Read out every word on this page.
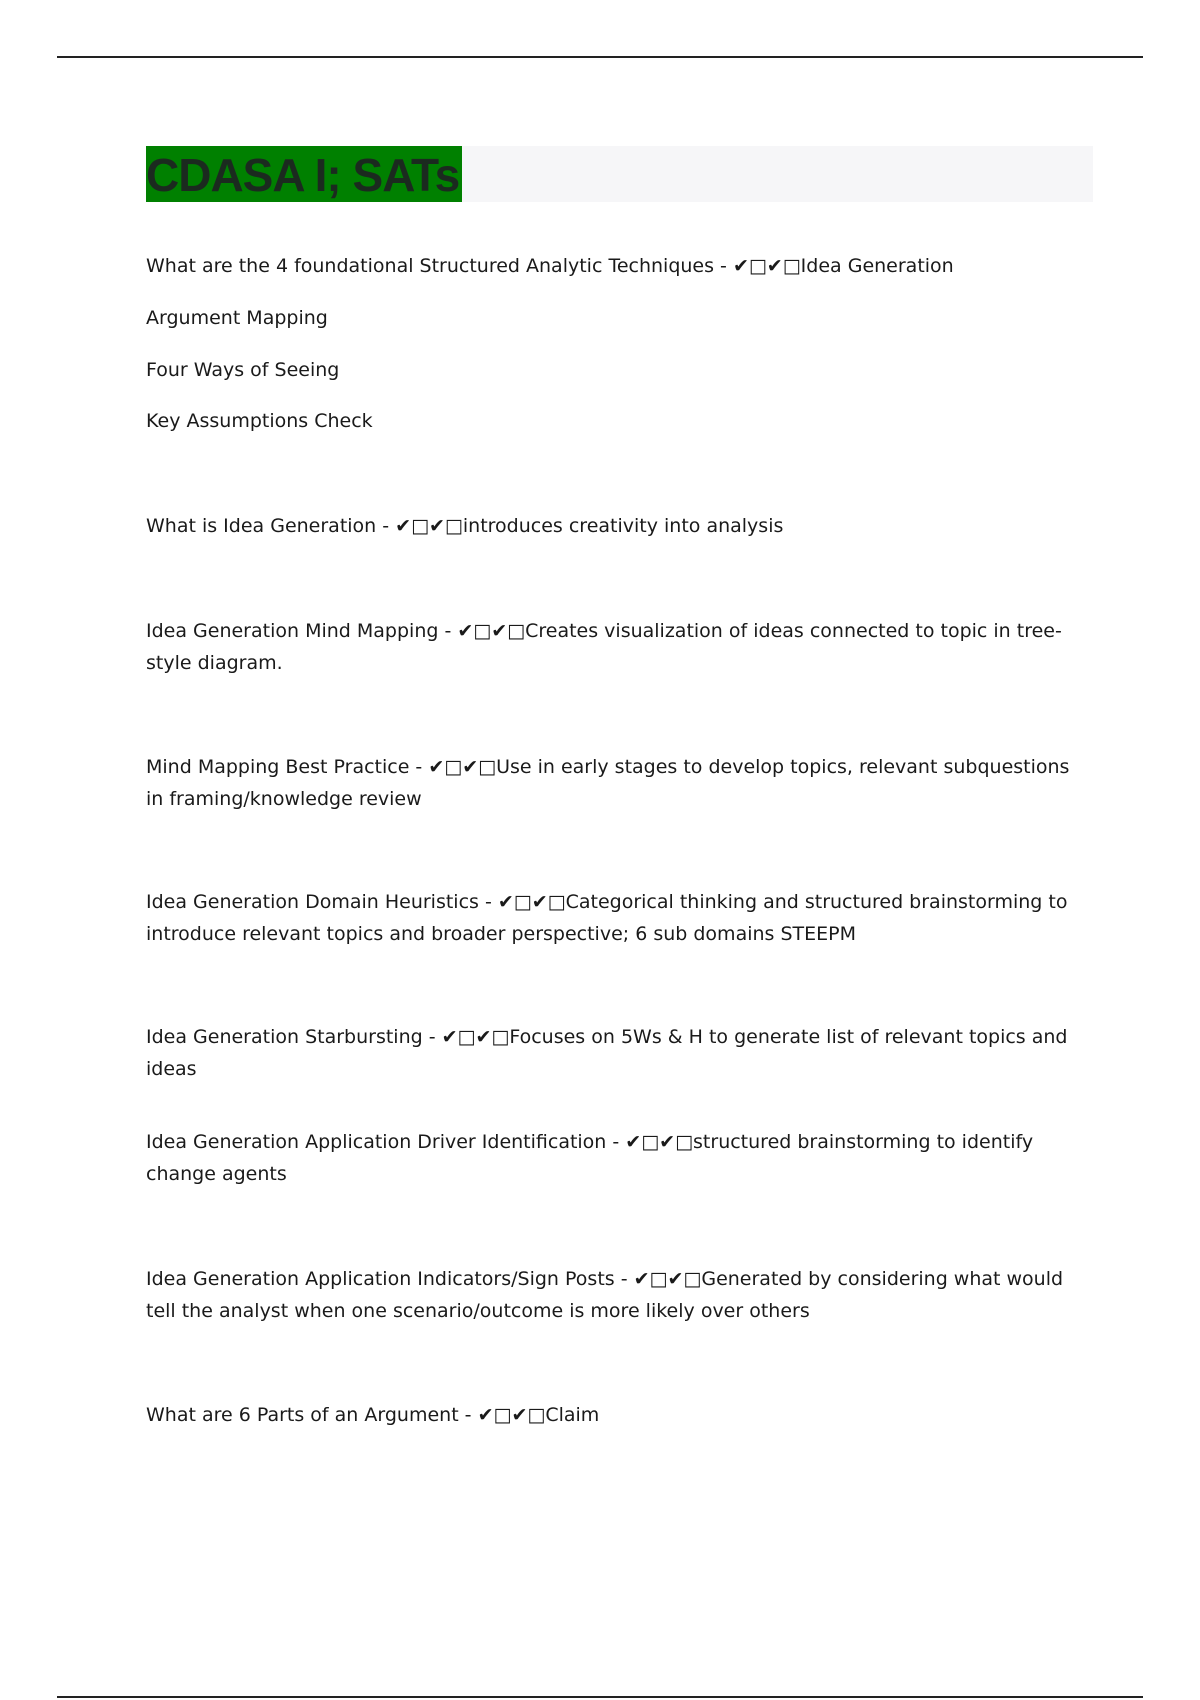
CDASA I; SATs
What are the 4 foundational Structured Analytic Techniques - ✔□✔□Idea Generation
Argument Mapping
Four Ways of Seeing
Key Assumptions Check
What is Idea Generation - ✔□✔□introduces creativity into analysis
Idea Generation Mind Mapping - ✔□✔□Creates visualization of ideas connected to topic in tree-style diagram.
Mind Mapping Best Practice - ✔□✔□Use in early stages to develop topics, relevant subquestions in framing/knowledge review
Idea Generation Domain Heuristics - ✔□✔□Categorical thinking and structured brainstorming to introduce relevant topics and broader perspective; 6 sub domains STEEPM
Idea Generation Starbursting - ✔□✔□Focuses on 5Ws & H to generate list of relevant topics and ideas
Idea Generation Application Driver Identification - ✔□✔□structured brainstorming to identify change agents
Idea Generation Application Indicators/Sign Posts - ✔□✔□Generated by considering what would tell the analyst when one scenario/outcome is more likely over others
What are 6 Parts of an Argument - ✔□✔□Claim
